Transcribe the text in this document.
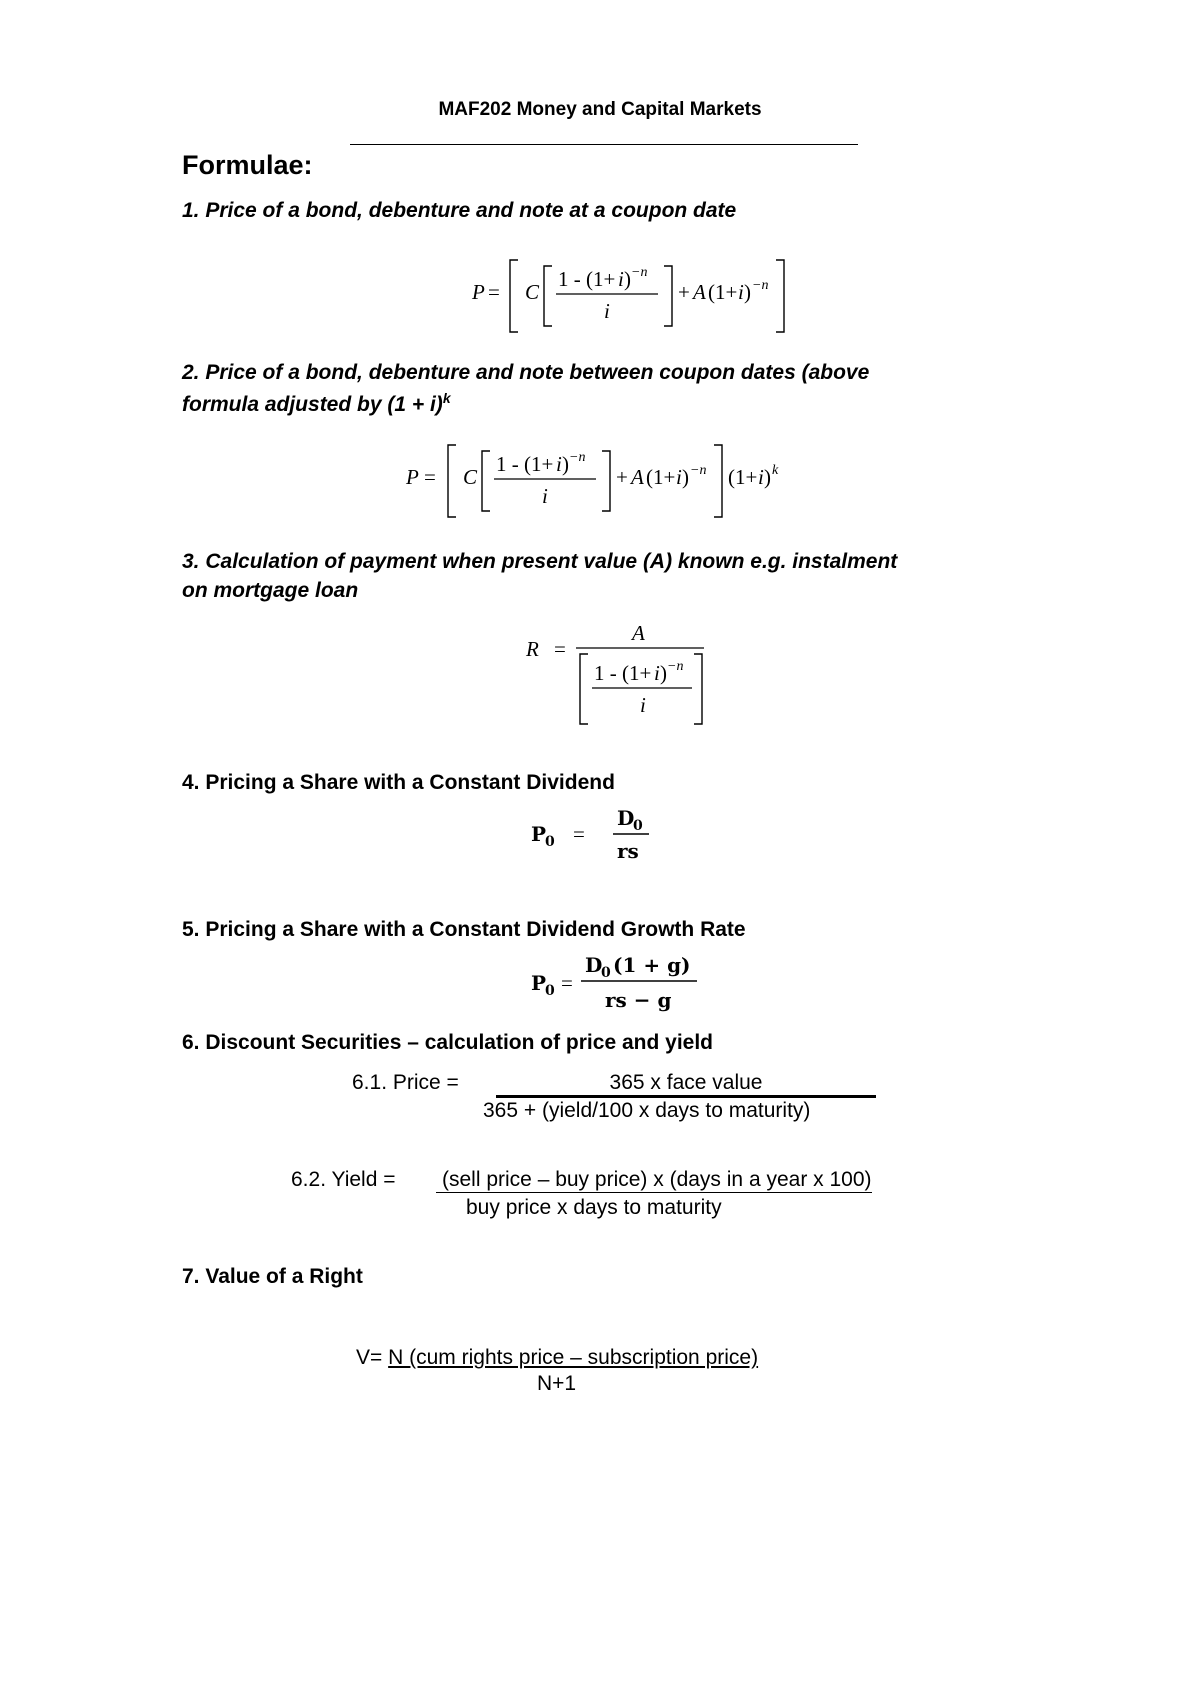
MAF202 Money and Capital Markets
Formulae:
1. Price of a bond, debenture and note at a coupon date
P = C
1 - (1+ i ) −n
i
+ A (1+ i ) −n
2. Price of a bond, debenture and note between coupon dates (above
formula adjusted by $(1 + i)^k$
P = C
1 - (1+ i ) −n
i
+ A (1+ i ) −n (1+ i ) k
3. Calculation of payment when present value (A) known e.g. instalment
on mortgage loan
R =
A
1 - (1+ i ) −n
i
4. Pricing a Share with a Constant Dividend
P
0 =
D
0
rs
5. Pricing a Share with a Constant Dividend Growth Rate
P
0 =
D
0 (1 + g)
rs − g
6. Discount Securities – calculation of price and yield
6.1. Price =	365 x face value
365 + (yield/100 x days to maturity)
6.2. Yield = (sell price – buy price) x (days in a year x 100)
buy price x days to maturity
7. Value of a Right
V= N (cum rights price – subscription price)
N+1
